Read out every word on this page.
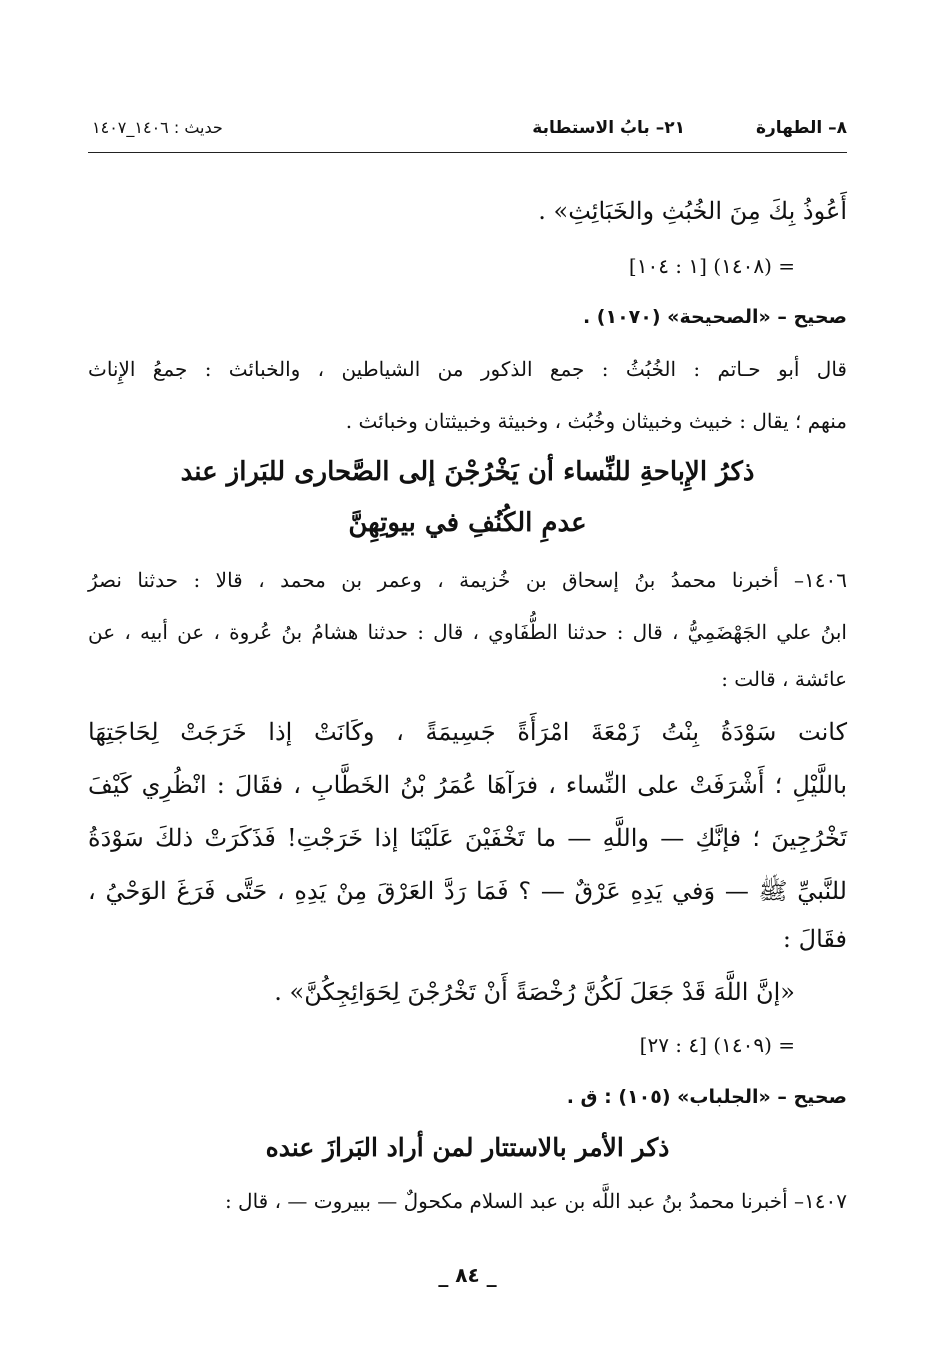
٨– الطهارة
٢١– بابُ الاستطابة
حديث : ١٤٠٦_١٤٠٧
أَعُوذُ بِكَ مِنَ الخُبُثِ والخَبَائِثِ» .
= (١٤٠٨) [١ : ١٠٤]
صحيح – «الصحيحة» (١٠٧٠) .
قال أبو حـاتم : الخُبُثُ : جمع الذكور من الشياطين ، والخبائث : جمعُ الإِناث
منهم ؛ يقال : خبيث وخبيثان وخُبُث ، وخبيثة وخبيثتان وخبائث .
ذكرُ الإِباحةِ للنِّساء أن يَخْرُجْنَ إلى الصَّحارى للبَراز عند
عدمِ الكُنُفِ في بيوتِهِنَّ
١٤٠٦– أخبرنا محمدُ بنُ إسحاق بن خُزيمة ، وعمر بن محمد ، قالا : حدثنا نصرُ
ابنُ علي الجَهْضَمِيُّ ، قال : حدثنا الطُّفَاوي ، قال : حدثنا هشامُ بنُ عُروة ، عن أبيه ، عن
عائشة ، قالت :
كانت سَوْدَةُ بِنْتُ زَمْعَةَ امْرَأَةً جَسِيمَةً ، وكَانَتْ إذا خَرَجَتْ لِحَاجَتِهَا
باللَّيْلِ ؛ أَشْرَفَتْ على النِّساء ، فرَآهَا عُمَرُ بْنُ الخَطَّابِ ، فقَالَ : انْظُرِي كَيْفَ
تَخْرُجِينَ ؛ فإنَّكِ — واللَّهِ — ما تَخْفَيْنَ عَلَيْنَا إذا خَرَجْتِ! فَذَكَرَتْ ذلكَ سَوْدَةُ
للنَّبيِّ ﷺ — وَفي يَدِهِ عَرْقٌ — ؟ فَمَا رَدَّ العَرْقَ مِنْ يَدِهِ ، حَتَّى فَرَغَ الوَحْيُ ،
فقَالَ :
«إنَّ اللَّهَ قَدْ جَعَلَ لَكُنَّ رُخْصَةً أَنْ تَخْرُجْنَ لِحَوَائِجِكُنَّ» .
= (١٤٠٩) [٤ : ٢٧]
صحيح – «الجلباب» (١٠٥) : ق .
ذكر الأمر بالاستتار لمن أراد البَرازَ عنده
١٤٠٧– أخبرنا محمدُ بنُ عبد اللَّه بن عبد السلام مكحولٌ — ببيروت — ، قال :
_ ٨٤ _
